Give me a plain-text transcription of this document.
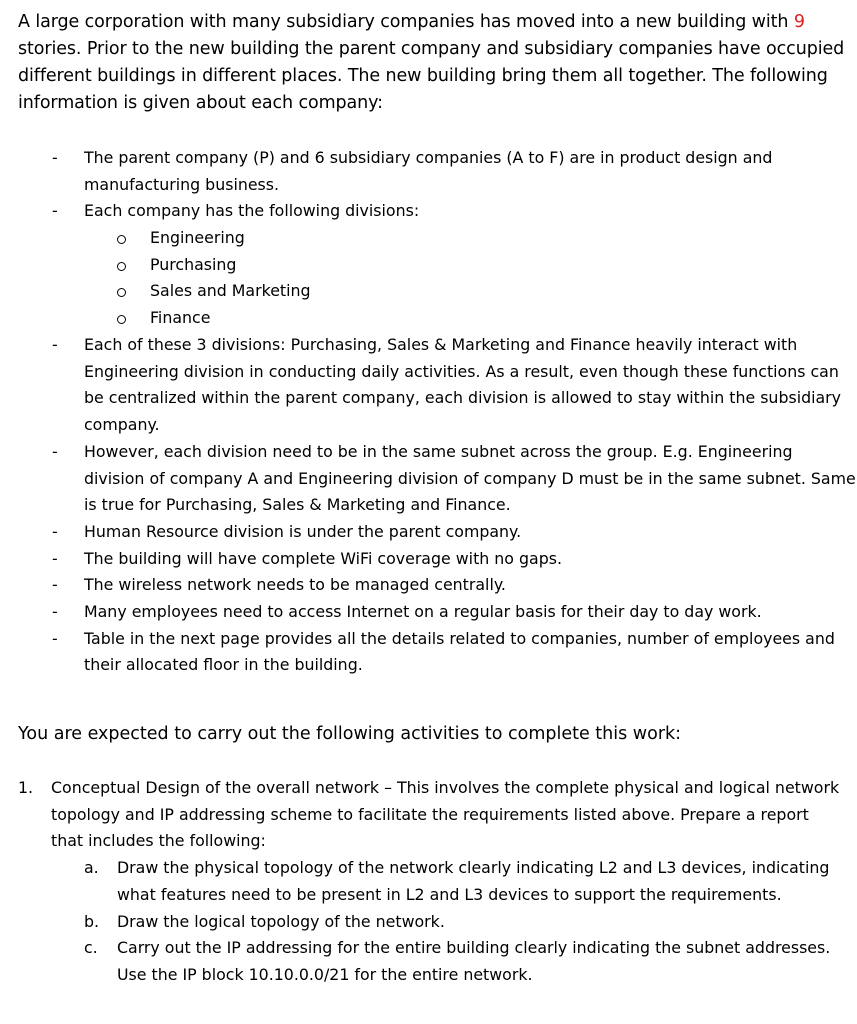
A large corporation with many subsidiary companies has moved into a new building with 9 stories. Prior to the new building the parent company and subsidiary companies have occupied different buildings in different places. The new building bring them all together. The following information is given about each company:

- The parent company (P) and 6 subsidiary companies (A to F) are in product design and manufacturing business.
- Each company has the following divisions:
Engineering
Purchasing
Sales and Marketing
Finance
- Each of these 3 divisions: Purchasing, Sales & Marketing and Finance heavily interact with Engineering division in conducting daily activities. As a result, even though these functions can be centralized within the parent company, each division is allowed to stay within the subsidiary company.
- However, each division need to be in the same subnet across the group. E.g. Engineering division of company A and Engineering division of company D must be in the same subnet. Same is true for Purchasing, Sales & Marketing and Finance.
- Human Resource division is under the parent company.
- The building will have complete WiFi coverage with no gaps.
- The wireless network needs to be managed centrally.
- Many employees need to access Internet on a regular basis for their day to day work.
- Table in the next page provides all the details related to companies, number of employees and their allocated floor in the building.

You are expected to carry out the following activities to complete this work:

1. Conceptual Design of the overall network – This involves the complete physical and logical network topology and IP addressing scheme to facilitate the requirements listed above. Prepare a report that includes the following:
a. Draw the physical topology of the network clearly indicating L2 and L3 devices, indicating what features need to be present in L2 and L3 devices to support the requirements.
b. Draw the logical topology of the network.
c. Carry out the IP addressing for the entire building clearly indicating the subnet addresses. Use the IP block 10.10.0.0/21 for the entire network.
